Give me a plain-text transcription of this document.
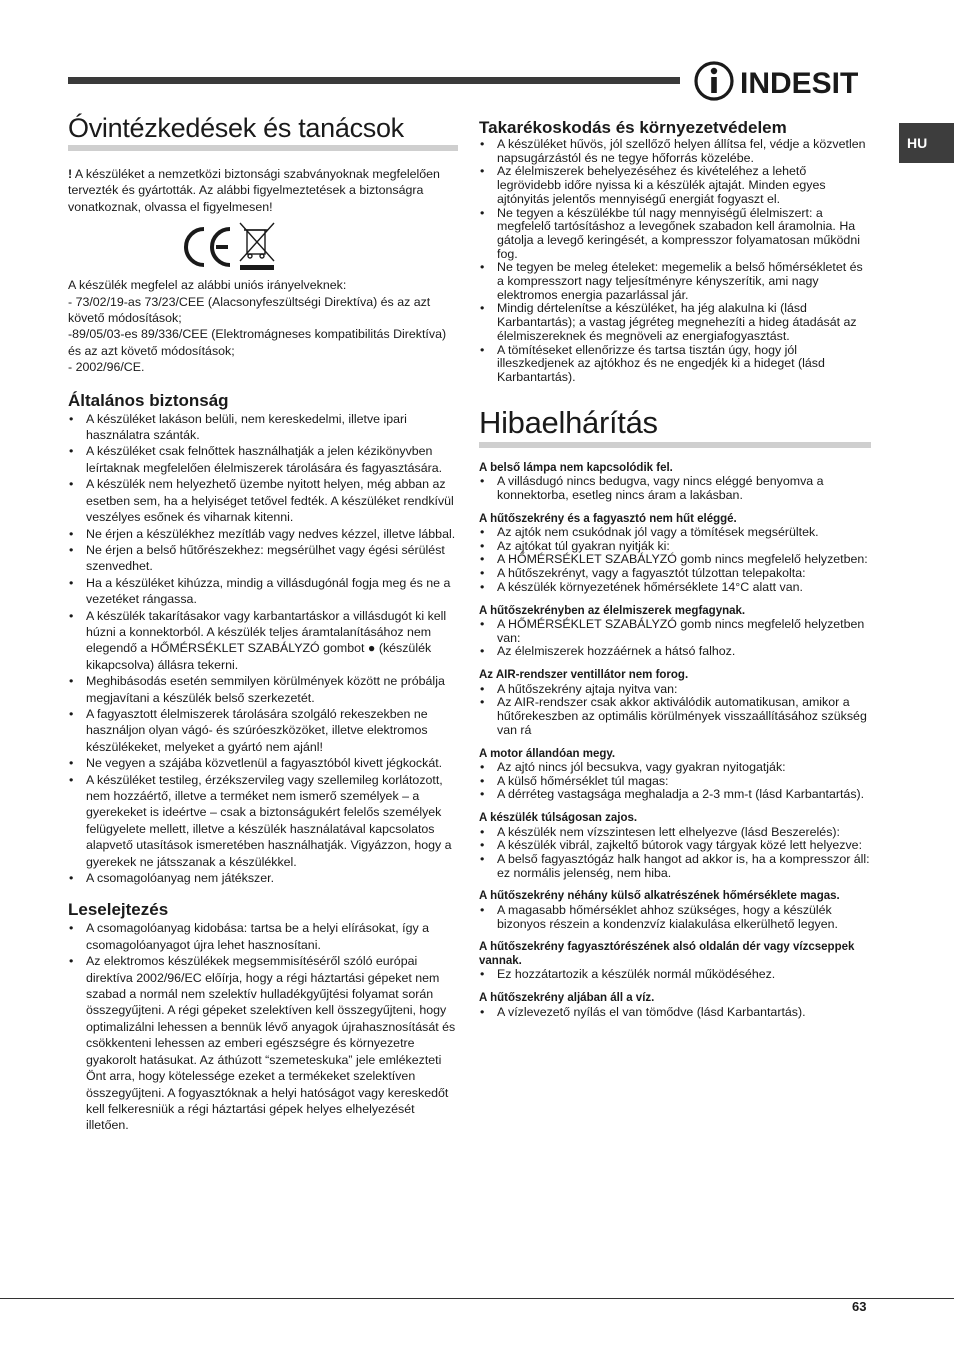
INDESIT
HU
Óvintézkedések és tanácsok

! A készüléket a nemzetközi biztonsági szabványoknak megfelelően tervezték és gyártották. Az alábbi figyelmeztetések a biztonságra vonatkoznak, olvassa el figyelmesen!

A készülék megfelel az alábbi uniós irányelveknek:

- 73/02/19-as 73/23/CEE (Alacsonyfeszültségi Direktíva) és az azt követő módosítások;

-89/05/03-es 89/336/CEE (Elektromágneses kompatibilitás Direktíva) és az azt követő módosítások;

- 2002/96/CE.

Általános biztonság
• A készüléket lakáson belüli, nem kereskedelmi, illetve ipari használatra szánták.
• A készüléket csak felnőttek használhatják a jelen kézikönyvben leírtaknak megfelelően élelmiszerek tárolására és fagyasztására.
• A készülék nem helyezhető üzembe nyitott helyen, még abban az esetben sem, ha a helyiséget tetővel fedték. A készüléket rendkívül veszélyes esőnek és viharnak kitenni.
• Ne érjen a készülékhez mezítláb vagy nedves kézzel, illetve lábbal.
• Ne érjen a belső hűtőrészekhez: megsérülhet vagy égési sérülést szenvedhet.
• Ha a készüléket kihúzza, mindig a villásdugónál fogja meg és ne a vezetéket rángassa.
• A készülék takarításakor vagy karbantartáskor a villásdugót ki kell húzni a konnektorból. A készülék teljes áramtalanításához nem elegendő a HŐMÉRSÉKLET SZABÁLYZÓ gombot ● (készülék kikapcsolva) állásra tekerni.
• Meghibásodás esetén semmilyen körülmények között ne próbálja megjavítani a készülék belső szerkezetét.
• A fagyasztott élelmiszerek tárolására szolgáló rekeszekben ne használjon olyan vágó- és szúróeszközöket, illetve elektromos készülékeket, melyeket a gyártó nem ajánl!
• Ne vegyen a szájába közvetlenül a fagyasztóból kivett jégkockát.
• A készüléket testileg, érzékszervileg vagy szellemileg korlátozott, nem hozzáértő, illetve a terméket nem ismerő személyek – a gyerekeket is ideértve – csak a biztonságukért felelős személyek felügyelete mellett, illetve a készülék használatával kapcsolatos alapvető utasítások ismeretében használhatják. Vigyázzon, hogy a gyerekek ne játsszanak a készülékkel.
• A csomagolóanyag nem játékszer.
Leselejtezés
• A csomagolóanyag kidobása: tartsa be a helyi elírásokat, így a csomagolóanyagot újra lehet hasznosítani.
• Az elektromos készülékek megsemmisítéséről szóló európai direktíva 2002/96/EC előírja, hogy a régi háztartási gépeket nem szabad a normál nem szelektív hulladékgyűjtési folyamat során összegyűjteni. A régi gépeket szelektíven kell összegyűjteni, hogy optimalizálni lehessen a bennük lévő anyagok újrahasznosítását és csökkenteni lehessen az emberi egészségre és környezetre gyakorolt hatásukat. Az áthúzott “szemeteskuka” jele emlékezteti Önt arra, hogy kötelessége ezeket a termékeket szelektíven összegyűjteni. A fogyasztóknak a helyi hatóságot vagy kereskedőt kell felkeresniük a régi háztartási gépek helyes elhelyezését illetően.
Takarékoskodás és környezetvédelem
• A készüléket hűvös, jól szellőző helyen állítsa fel, védje a közvetlen napsugárzástól és ne tegye hőforrás közelébe.
• Az élelmiszerek behelyezéséhez és kivételéhez a lehető legrövidebb időre nyissa ki a készülék ajtaját. Minden egyes ajtónyitás jelentős mennyiségű energiát fogyaszt el.
• Ne tegyen a készülékbe túl nagy mennyiségű élelmiszert: a megfelelő tartósításhoz a levegőnek szabadon kell áramolnia. Ha gátolja a levegő keringését, a kompresszor folyamatosan működni fog.
• Ne tegyen be meleg ételeket: megemelik a belső hőmérsékletet és a kompresszort nagy teljesítményre kényszerítik, ami nagy elektromos energia pazarlással jár.
• Mindig dértelenítse a készüléket, ha jég alakulna ki (lásd Karbantartás); a vastag jégréteg megnehezíti a hideg átadását az élelmiszereknek és megnöveli az energiafogyasztást.
• A tömítéseket ellenőrizze és tartsa tisztán úgy, hogy jól illeszkedjenek az ajtókhoz és ne engedjék ki a hideget (lásd Karbantartás).
Hibaelhárítás

A belső lámpa nem kapcsolódik fel.

• A villásdugó nincs bedugva, vagy nincs eléggé benyomva a konnektorba, esetleg nincs áram a lakásban.

A hűtőszekrény és a fagyasztó nem hűt eléggé.

• Az ajtók nem csukódnak jól vagy a tömítések megsérültek.
• Az ajtókat túl gyakran nyitják ki:
• A HŐMÉRSÉKLET SZABÁLYZÓ gomb nincs megfelelő helyzetben:
• A hűtőszekrényt, vagy a fagyasztót túlzottan telepakolta:
• A készülék környezetének hőmérséklete 14°C alatt van.

A hűtőszekrényben az élelmiszerek megfagynak.

• A HŐMÉRSÉKLET SZABÁLYZÓ gomb nincs megfelelő helyzetben van:
• Az élelmiszerek hozzáérnek a hátsó falhoz.

Az AIR-rendszer ventillátor nem forog.

• A hűtőszekrény ajtaja nyitva van:
• Az AIR-rendszer csak akkor aktiválódik automatikusan, amikor a hűtőrekeszben az optimális körülmények visszaállításához szükség van rá

A motor állandóan megy.

• Az ajtó nincs jól becsukva, vagy gyakran nyitogatják:
• A külső hőmérséklet túl magas:
• A dérréteg vastagsága meghaladja a 2-3 mm-t (lásd Karbantartás).

A készülék túlságosan zajos.

• A készülék nem vízszintesen lett elhelyezve (lásd Beszerelés):
• A készülék vibrál, zajkeltő bútorok vagy tárgyak közé lett helyezve:
• A belső fagyasztógáz halk hangot ad akkor is, ha a kompresszor áll: ez normális jelenség, nem hiba.

A hűtőszekrény néhány külső alkatrészének hőmérséklete magas.

• A magasabb hőmérséklet ahhoz szükséges, hogy a készülék bizonyos részein a kondenzvíz kialakulása elkerülhető legyen.

A hűtőszekrény fagyasztórészének alsó oldalán dér vagy vízcseppek vannak.

• Ez hozzátartozik a készülék normál működéséhez.

A hűtőszekrény aljában áll a víz.

• A vízlevezető nyílás el van tömődve (lásd Karbantartás).
63
